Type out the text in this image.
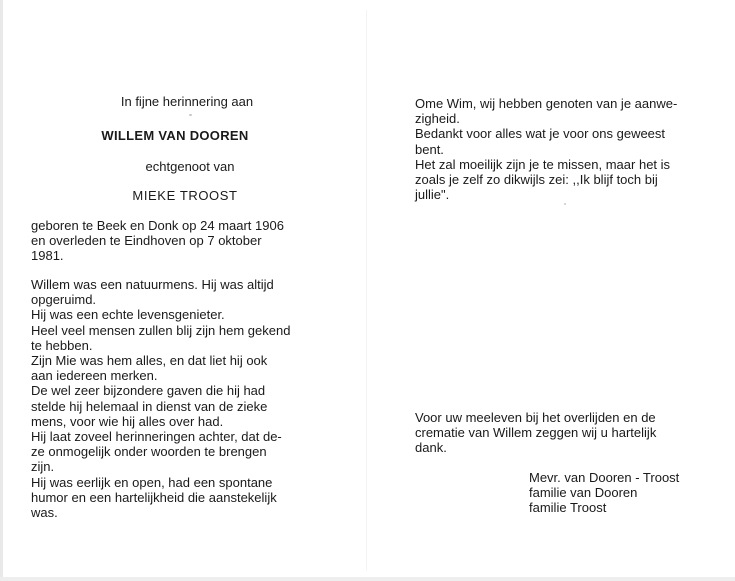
In fijne herinnering aan
WILLEM VAN DOOREN
echtgenoot van
MIEKE TROOST
geboren te Beek en Donk op 24 maart 1906
en overleden te Eindhoven op 7 oktober
1981.
Willem was een natuurmens. Hij was altijd
opgeruimd.
Hij was een echte levensgenieter.
Heel veel mensen zullen blij zijn hem gekend
te hebben.
Zijn Mie was hem alles, en dat liet hij ook
aan iedereen merken.
De wel zeer bijzondere gaven die hij had
stelde hij helemaal in dienst van de zieke
mens, voor wie hij alles over had.
Hij laat zoveel herinneringen achter, dat de-
ze onmogelijk onder woorden te brengen
zijn.
Hij was eerlijk en open, had een spontane
humor en een hartelijkheid die aanstekelijk
was.
Ome Wim, wij hebben genoten van je aanwe-
zigheid.
Bedankt voor alles wat je voor ons geweest
bent.
Het zal moeilijk zijn je te missen, maar het is
zoals je zelf zo dikwijls zei: ,,Ik blijf toch bij
jullie".
Voor uw meeleven bij het overlijden en de
crematie van Willem zeggen wij u hartelijk
dank.
Mevr. van Dooren - Troost
familie van Dooren
familie Troost
